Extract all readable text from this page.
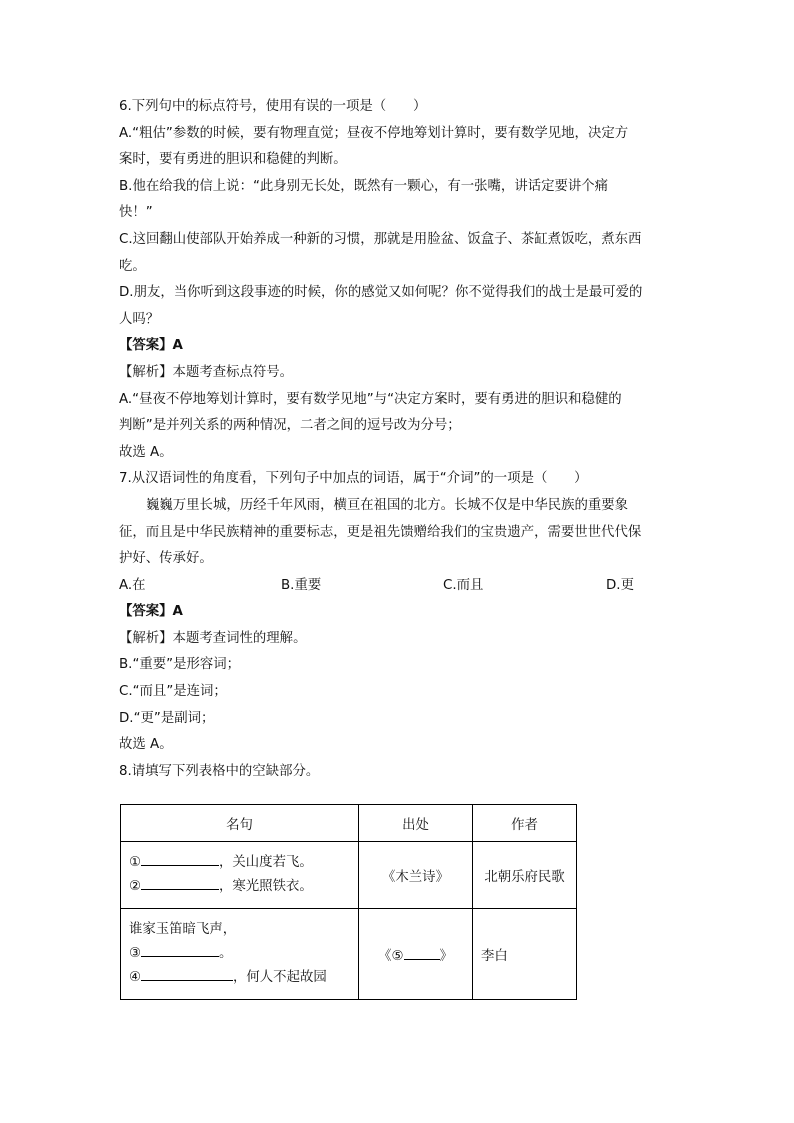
6.下列句中的标点符号，使用有误的一项是（　　）
A.“粗估”参数的时候，要有物理直觉；昼夜不停地筹划计算时，要有数学见地，决定方
案时，要有勇进的胆识和稳健的判断。
B.他在给我的信上说：“此身别无长处，既然有一颗心，有一张嘴，讲话定要讲个痛
快！”
C.这回翻山使部队开始养成一种新的习惯，那就是用脸盆、饭盒子、茶缸煮饭吃，煮东西
吃。
D.朋友，当你听到这段事迹的时候，你的感觉又如何呢？你不觉得我们的战士是最可爱的
人吗？
【答案】A
【解析】本题考查标点符号。
A.“昼夜不停地筹划计算时，要有数学见地”与“决定方案时，要有勇进的胆识和稳健的
判断”是并列关系的两种情况，二者之间的逗号改为分号；
故选 A。
7.从汉语词性的角度看，下列句子中加点的词语，属于“介词”的一项是（　　）
巍巍万里长城，历经千年风雨，横亘在祖国的北方。长城不仅是中华民族的重要象
征，而且是中华民族精神的重要标志，更是祖先馈赠给我们的宝贵遗产，需要世世代代保
护好、传承好。
A.在	B.重要	C.而且	D.更
【答案】A
【解析】本题考查词性的理解。
B.“重要”是形容词；
C.“而且”是连词；
D.“更”是副词；
故选 A。
8.请填写下列表格中的空缺部分。
名句	出处	作者

① ，关山度若飞。
② ，寒光照铁衣。	《木兰诗》	北朝乐府民歌

谁家玉笛暗飞声，
③ 。
④ ，何人不起故园	《⑤ 》	李白
